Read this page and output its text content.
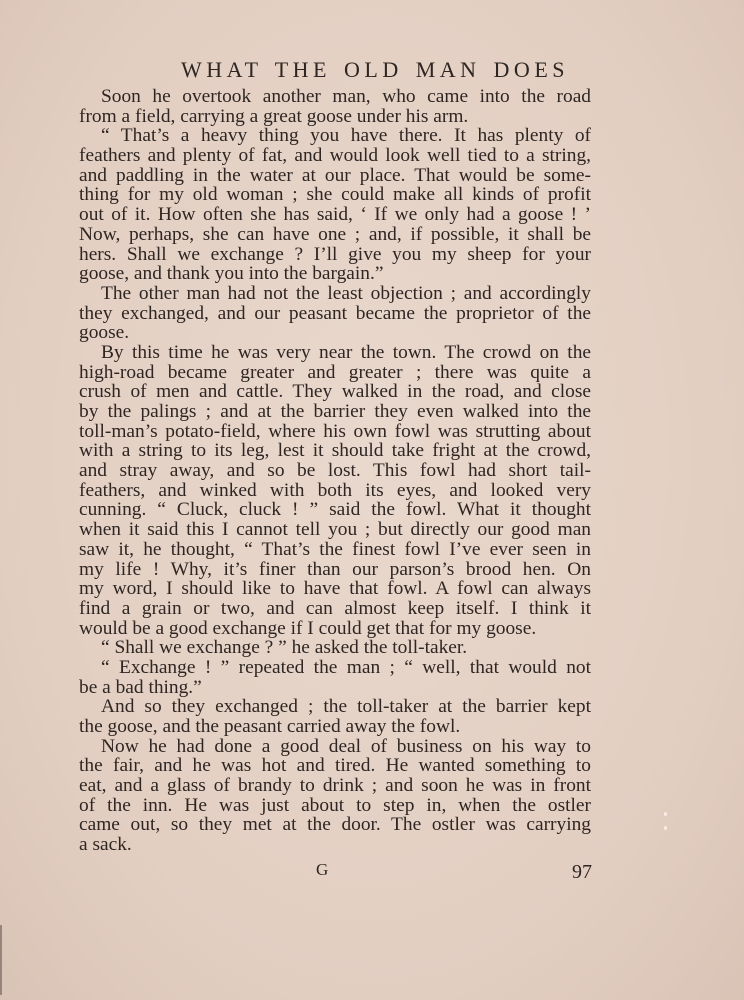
WHAT THE OLD MAN DOES
Soon he overtook another man, who came into the road
from a field, carrying a great goose under his arm.
“ That’s a heavy thing you have there. It has plenty of
feathers and plenty of fat, and would look well tied to a string,
and paddling in the water at our place. That would be some-
thing for my old woman ; she could make all kinds of profit
out of it. How often she has said, ‘ If we only had a goose ! ’
Now, perhaps, she can have one ; and, if possible, it shall be
hers. Shall we exchange ? I’ll give you my sheep for your
goose, and thank you into the bargain.”
The other man had not the least objection ; and accordingly
they exchanged, and our peasant became the proprietor of the
goose.
By this time he was very near the town. The crowd on the
high-road became greater and greater ; there was quite a
crush of men and cattle. They walked in the road, and close
by the palings ; and at the barrier they even walked into the
toll-man’s potato-field, where his own fowl was strutting about
with a string to its leg, lest it should take fright at the crowd,
and stray away, and so be lost. This fowl had short tail-
feathers, and winked with both its eyes, and looked very
cunning. “ Cluck, cluck ! ” said the fowl. What it thought
when it said this I cannot tell you ; but directly our good man
saw it, he thought, “ That’s the finest fowl I’ve ever seen in
my life ! Why, it’s finer than our parson’s brood hen. On
my word, I should like to have that fowl. A fowl can always
find a grain or two, and can almost keep itself. I think it
would be a good exchange if I could get that for my goose.
“ Shall we exchange ? ” he asked the toll-taker.
“ Exchange ! ” repeated the man ; “ well, that would not
be a bad thing.”
And so they exchanged ; the toll-taker at the barrier kept
the goose, and the peasant carried away the fowl.
Now he had done a good deal of business on his way to
the fair, and he was hot and tired. He wanted something to
eat, and a glass of brandy to drink ; and soon he was in front
of the inn. He was just about to step in, when the ostler
came out, so they met at the door. The ostler was carrying
a sack.
G	97
